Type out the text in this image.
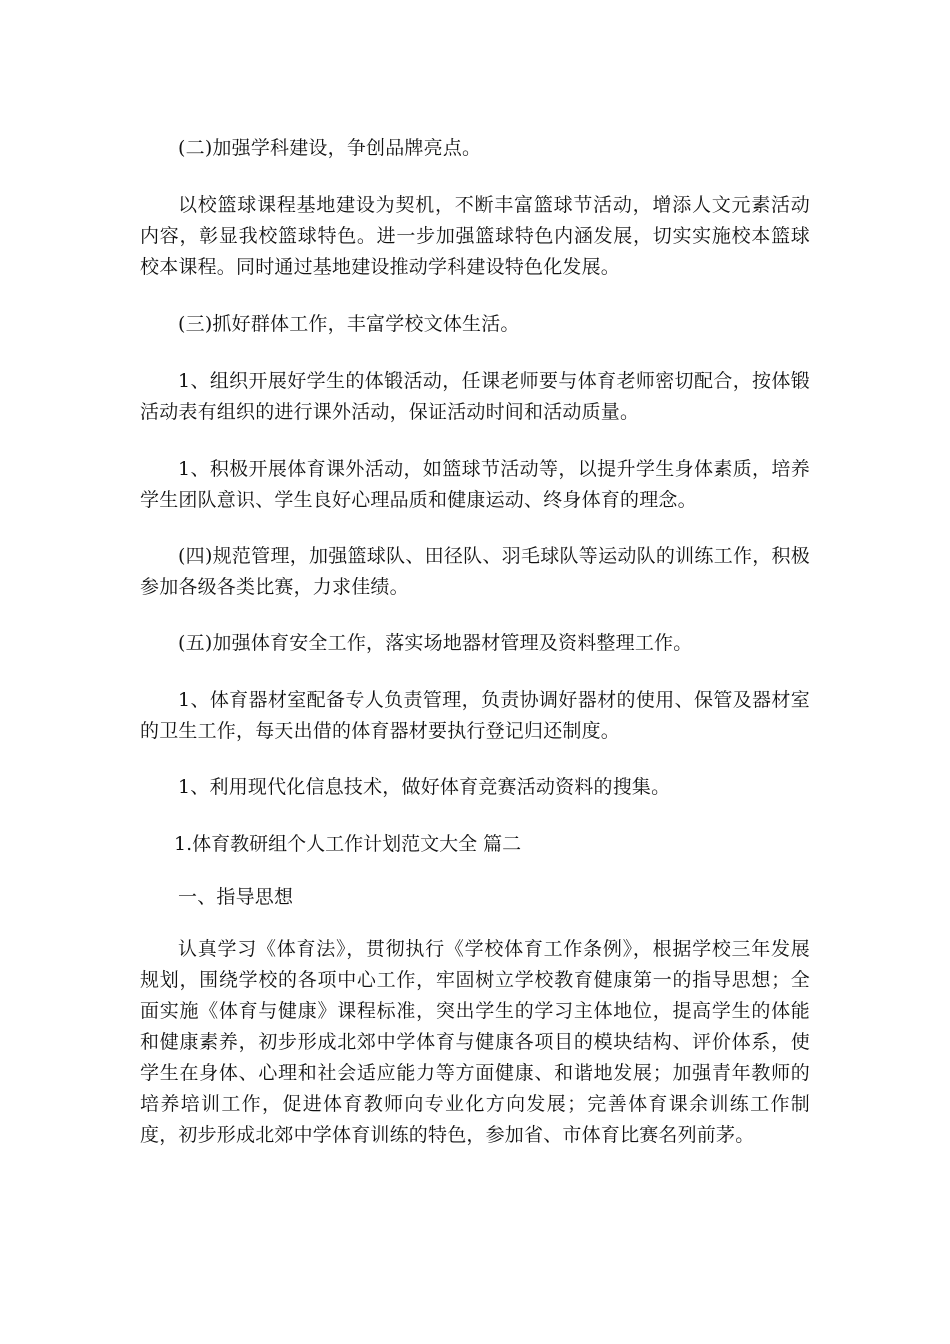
(二)加强学科建设，争创品牌亮点。

以校篮球课程基地建设为契机，不断丰富篮球节活动，增添人文元素活动内容，彰显我校篮球特色。进一步加强篮球特色内涵发展，切实实施校本篮球校本课程。同时通过基地建设推动学科建设特色化发展。

(三)抓好群体工作，丰富学校文体生活。

1、组织开展好学生的体锻活动，任课老师要与体育老师密切配合，按体锻活动表有组织的进行课外活动，保证活动时间和活动质量。

1、积极开展体育课外活动，如篮球节活动等，以提升学生身体素质，培养学生团队意识、学生良好心理品质和健康运动、终身体育的理念。

(四)规范管理，加强篮球队、田径队、羽毛球队等运动队的训练工作，积极参加各级各类比赛，力求佳绩。

(五)加强体育安全工作，落实场地器材管理及资料整理工作。

1、体育器材室配备专人负责管理，负责协调好器材的使用、保管及器材室的卫生工作，每天出借的体育器材要执行登记归还制度。

1、利用现代化信息技术，做好体育竞赛活动资料的搜集。

1.体育教研组个人工作计划范文大全 篇二

一、指导思想

认真学习《体育法》，贯彻执行《学校体育工作条例》，根据学校三年发展规划，围绕学校的各项中心工作，牢固树立学校教育健康第一的指导思想；全面实施《体育与健康》课程标准，突出学生的学习主体地位，提高学生的体能和健康素养，初步形成北郊中学体育与健康各项目的模块结构、评价体系，使学生在身体、心理和社会适应能力等方面健康、和谐地发展；加强青年教师的培养培训工作，促进体育教师向专业化方向发展；完善体育课余训练工作制度，初步形成北郊中学体育训练的特色，参加省、市体育比赛名列前茅。
